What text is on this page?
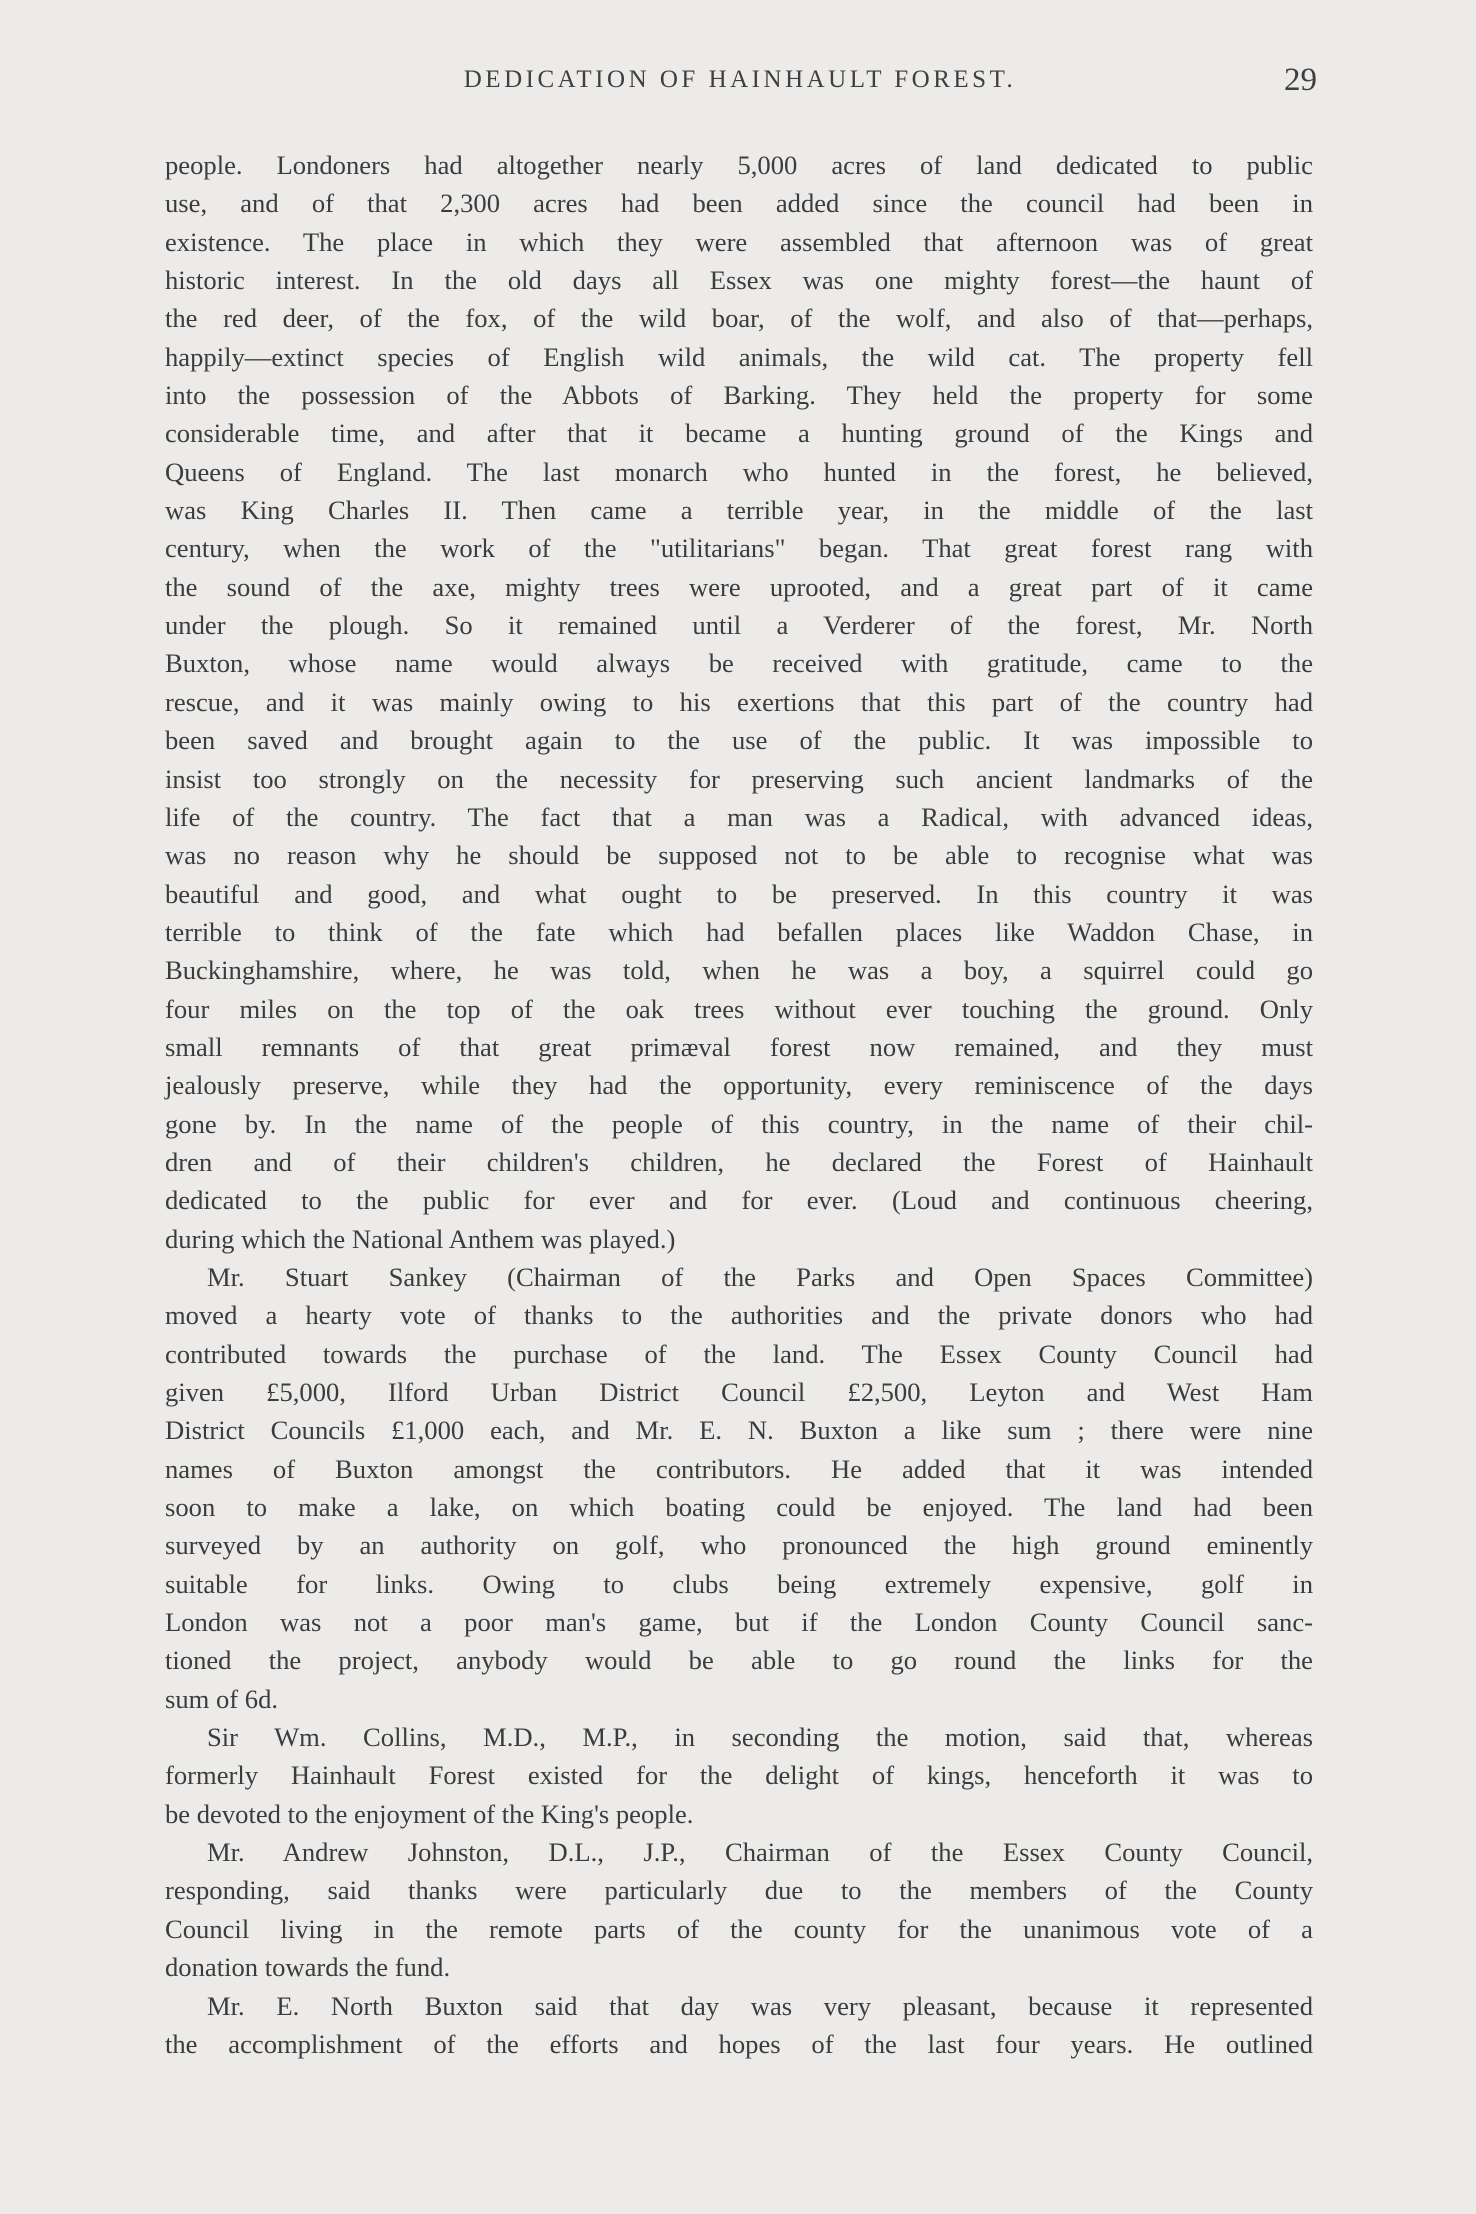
DEDICATION OF HAINHAULT FOREST.	29

people. Londoners had altogether nearly 5,000 acres of land dedicated to public

use, and of that 2,300 acres had been added since the council had been in

existence. The place in which they were assembled that afternoon was of great

historic interest. In the old days all Essex was one mighty forest—the haunt of

the red deer, of the fox, of the wild boar, of the wolf, and also of that—perhaps,

happily—extinct species of English wild animals, the wild cat. The property fell

into the possession of the Abbots of Barking. They held the property for some

considerable time, and after that it became a hunting ground of the Kings and

Queens of England. The last monarch who hunted in the forest, he believed,

was King Charles II. Then came a terrible year, in the middle of the last

century, when the work of the "utilitarians" began. That great forest rang with

the sound of the axe, mighty trees were uprooted, and a great part of it came

under the plough. So it remained until a Verderer of the forest, Mr. North

Buxton, whose name would always be received with gratitude, came to the

rescue, and it was mainly owing to his exertions that this part of the country had

been saved and brought again to the use of the public. It was impossible to

insist too strongly on the necessity for preserving such ancient landmarks of the

life of the country. The fact that a man was a Radical, with advanced ideas,

was no reason why he should be supposed not to be able to recognise what was

beautiful and good, and what ought to be preserved. In this country it was

terrible to think of the fate which had befallen places like Waddon Chase, in

Buckinghamshire, where, he was told, when he was a boy, a squirrel could go

four miles on the top of the oak trees without ever touching the ground. Only

small remnants of that great primæval forest now remained, and they must

jealously preserve, while they had the opportunity, every reminiscence of the days

gone by. In the name of the people of this country, in the name of their chil-

dren and of their children's children, he declared the Forest of Hainhault

dedicated to the public for ever and for ever. (Loud and continuous cheering,

during which the National Anthem was played.)

Mr. Stuart Sankey (Chairman of the Parks and Open Spaces Committee)

moved a hearty vote of thanks to the authorities and the private donors who had

contributed towards the purchase of the land. The Essex County Council had

given £5,000, Ilford Urban District Council £2,500, Leyton and West Ham

District Councils £1,000 each, and Mr. E. N. Buxton a like sum ; there were nine

names of Buxton amongst the contributors. He added that it was intended

soon to make a lake, on which boating could be enjoyed. The land had been

surveyed by an authority on golf, who pronounced the high ground eminently

suitable for links. Owing to clubs being extremely expensive, golf in

London was not a poor man's game, but if the London County Council sanc-

tioned the project, anybody would be able to go round the links for the

sum of 6d.

Sir Wm. Collins, M.D., M.P., in seconding the motion, said that, whereas

formerly Hainhault Forest existed for the delight of kings, henceforth it was to

be devoted to the enjoyment of the King's people.

Mr. Andrew Johnston, D.L., J.P., Chairman of the Essex County Council,

responding, said thanks were particularly due to the members of the County

Council living in the remote parts of the county for the unanimous vote of a

donation towards the fund.

Mr. E. North Buxton said that day was very pleasant, because it represented

the accomplishment of the efforts and hopes of the last four years. He outlined
